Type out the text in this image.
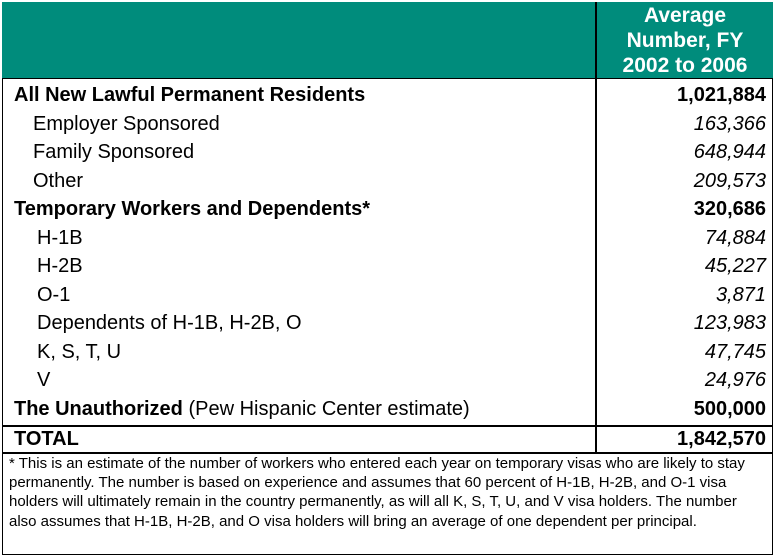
Average
Number, FY
2002 to 2006
All New Lawful Permanent Residents	1,021,884
Employer Sponsored	163,366
Family Sponsored	648,944
Other	209,573
Temporary Workers and Dependents*	320,686
H-1B	74,884
H-2B	45,227
O-1	3,871
Dependents of H-1B, H-2B, O	123,983
K, S, T, U	47,745
V	24,976
The Unauthorized (Pew Hispanic Center estimate)	500,000
TOTAL	1,842,570
* This is an estimate of the number of workers who entered each year on temporary visas who are likely to stay permanently. The number is based on experience and assumes that 60 percent of H-1B, H-2B, and O-1 visa holders will ultimately remain in the country permanently, as will all K, S, T, U, and V visa holders. The number also assumes that H-1B, H-2B, and O visa holders will bring an average of one dependent per principal.
